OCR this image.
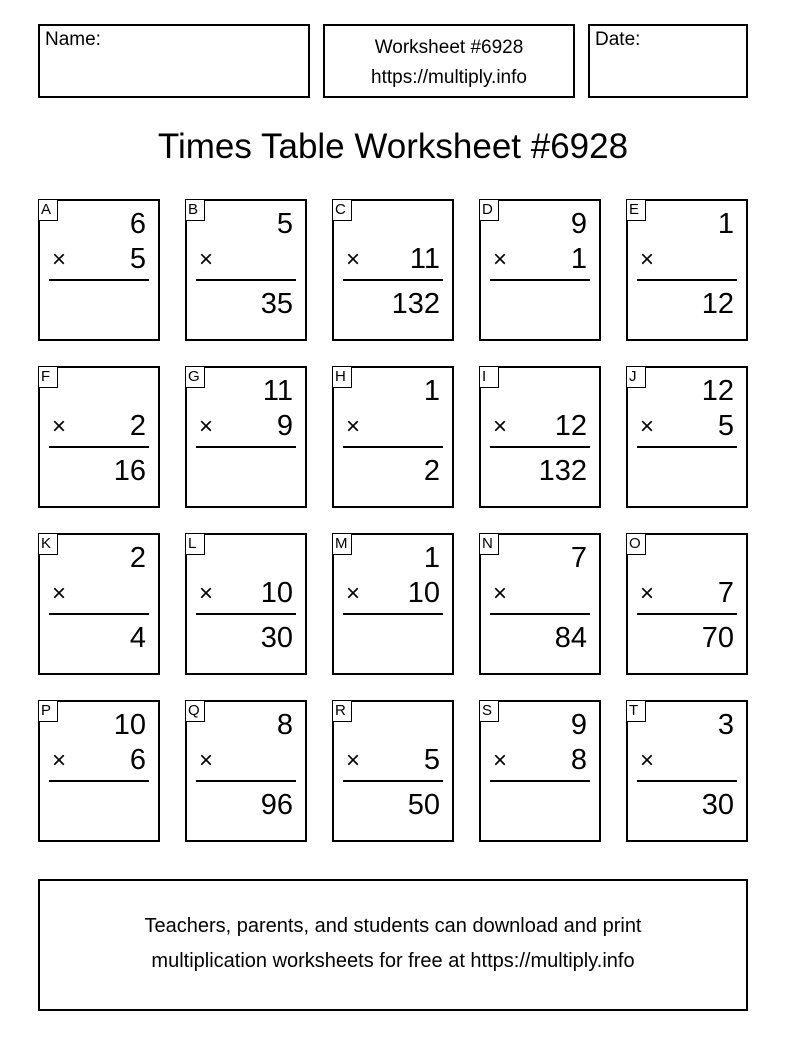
Name:	Worksheet #6928
https://multiply.info
Date:
Times Table Worksheet #6928
A	6
× 5
B	5
×
35
C
× 11
132
D	9
× 1
E	1
×
12
F
× 2
16
G 11
× 9
H	1
×
2
I
× 12
132
J	12
× 5
K	2
×
4
L
× 10
30
M	1
× 10
N	7
×
84
O
× 7
70
P 10
× 6
Q	8
×
96
R
× 5
50
S	9
× 8
T	3
×
30
Teachers, parents, and students can download and print
multiplication worksheets for free at https://multiply.info
